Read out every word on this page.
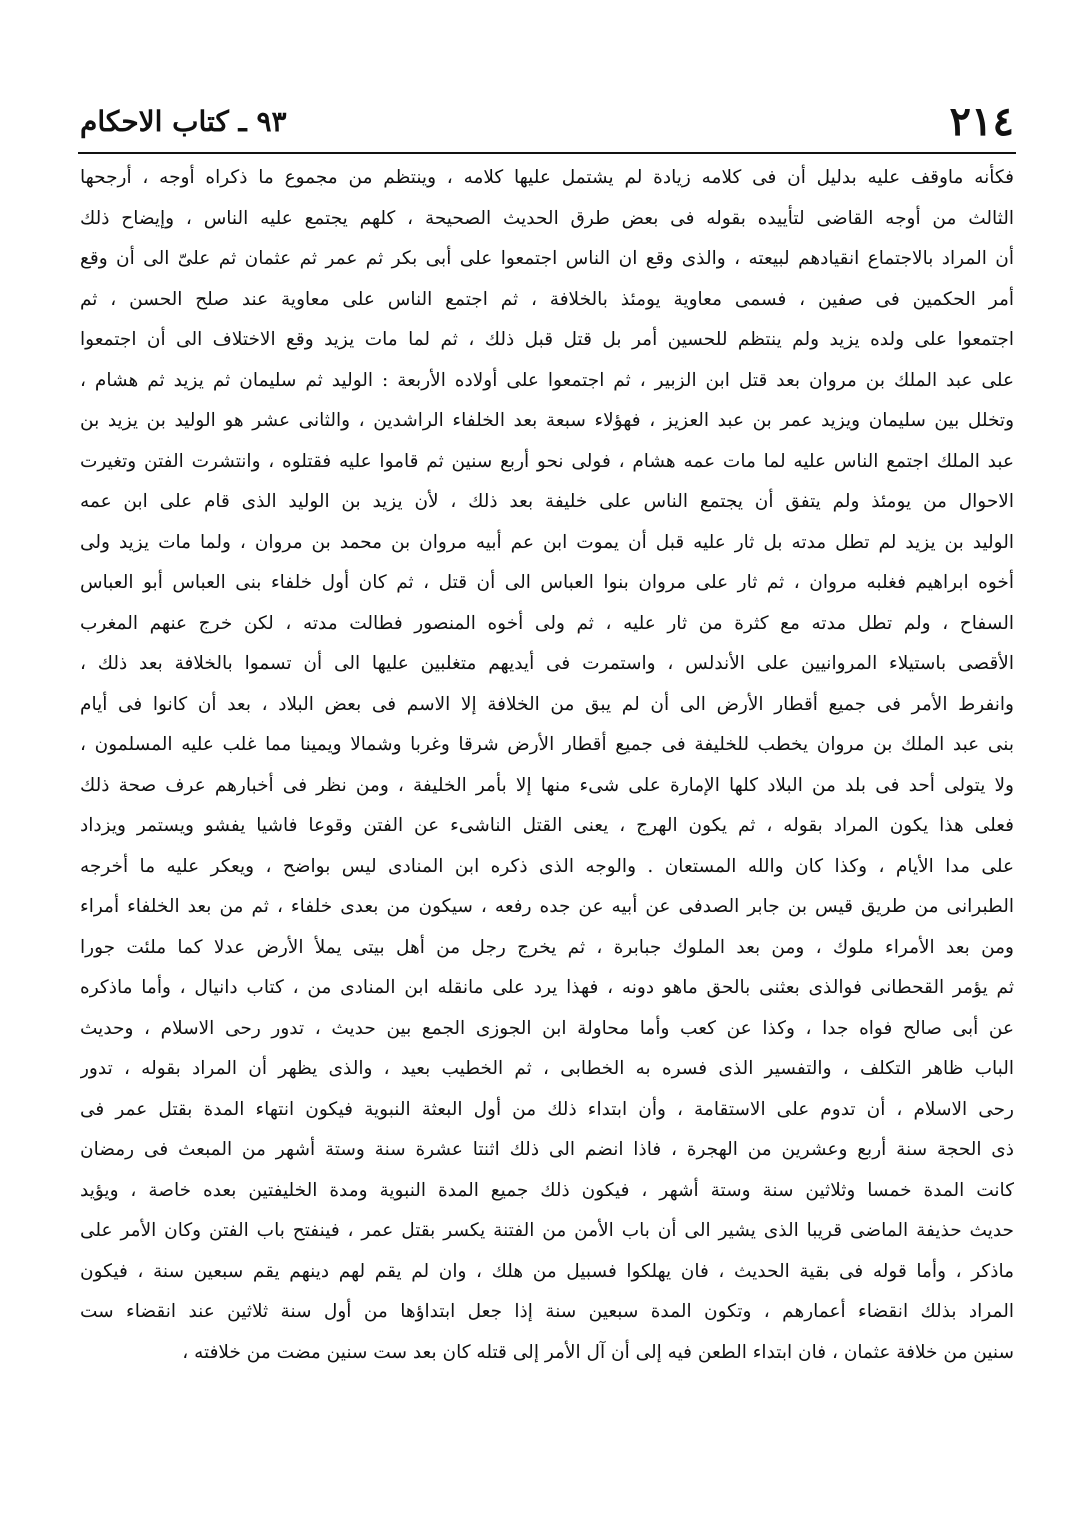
٢١٤
٩٣ ـ كتاب الاحكام
فكأنه ماوقف عليه بدليل أن فى كلامه زيادة لم يشتمل عليها كلامه ، وينتظم من مجموع ما ذكراه أوجه ، أرجحها
الثالث من أوجه القاضى لتأييده بقوله فى بعض طرق الحديث الصحيحة ، كلهم يجتمع عليه الناس ، وإيضاح ذلك
أن المراد بالاجتماع انقيادهم لبيعته ، والذى وقع ان الناس اجتمعوا على أبى بكر ثم عمر ثم عثمان ثم علىّ الى أن وقع
أمر الحكمين فى صفين ، فسمى معاوية يومئذ بالخلافة ، ثم اجتمع الناس على معاوية عند صلح الحسن ، ثم
اجتمعوا على ولده يزيد ولم ينتظم للحسين أمر بل قتل قبل ذلك ، ثم لما مات يزيد وقع الاختلاف الى أن اجتمعوا
على عبد الملك بن مروان بعد قتل ابن الزبير ، ثم اجتمعوا على أولاده الأربعة : الوليد ثم سليمان ثم يزيد ثم هشام ،
وتخلل بين سليمان ويزيد عمر بن عبد العزيز ، فهؤلاء سبعة بعد الخلفاء الراشدين ، والثانى عشر هو الوليد بن يزيد بن
عبد الملك اجتمع الناس عليه لما مات عمه هشام ، فولى نحو أربع سنين ثم قاموا عليه فقتلوه ، وانتشرت الفتن وتغيرت
الاحوال من يومئذ ولم يتفق أن يجتمع الناس على خليفة بعد ذلك ، لأن يزيد بن الوليد الذى قام على ابن عمه
الوليد بن يزيد لم تطل مدته بل ثار عليه قبل أن يموت ابن عم أبيه مروان بن محمد بن مروان ، ولما مات يزيد ولى
أخوه ابراهيم فغلبه مروان ، ثم ثار على مروان بنوا العباس الى أن قتل ، ثم كان أول خلفاء بنى العباس أبو العباس
السفاح ، ولم تطل مدته مع كثرة من ثار عليه ، ثم ولى أخوه المنصور فطالت مدته ، لكن خرج عنهم المغرب
الأقصى باستيلاء المروانيين على الأندلس ، واستمرت فى أيديهم متغلبين عليها الى أن تسموا بالخلافة بعد ذلك ،
وانفرط الأمر فى جميع أقطار الأرض الى أن لم يبق من الخلافة إلا الاسم فى بعض البلاد ، بعد أن كانوا فى أيام
بنى عبد الملك بن مروان يخطب للخليفة فى جميع أقطار الأرض شرقا وغربا وشمالا ويمينا مما غلب عليه المسلمون ،
ولا يتولى أحد فى بلد من البلاد كلها الإمارة على شىء منها إلا بأمر الخليفة ، ومن نظر فى أخبارهم عرف صحة ذلك
فعلى هذا يكون المراد بقوله ، ثم يكون الهرج ، يعنى القتل الناشىء عن الفتن وقوعا فاشيا يفشو ويستمر ويزداد
على مدا الأيام ، وكذا كان والله المستعان . والوجه الذى ذكره ابن المنادى ليس بواضح ، ويعكر عليه ما أخرجه
الطبرانى من طريق قيس بن جابر الصدفى عن أبيه عن جده رفعه ، سيكون من بعدى خلفاء ، ثم من بعد الخلفاء أمراء
ومن بعد الأمراء ملوك ، ومن بعد الملوك جبابرة ، ثم يخرج رجل من أهل بيتى يملأ الأرض عدلا كما ملئت جورا
ثم يؤمر القحطانى فوالذى بعثنى بالحق ماهو دونه ، فهذا يرد على مانقله ابن المنادى من ، كتاب دانيال ، وأما ماذكره
عن أبى صالح فواه جدا ، وكذا عن كعب وأما محاولة ابن الجوزى الجمع بين حديث ، تدور رحى الاسلام ، وحديث
الباب ظاهر التكلف ، والتفسير الذى فسره به الخطابى ، ثم الخطيب بعيد ، والذى يظهر أن المراد بقوله ، تدور
رحى الاسلام ، أن تدوم على الاستقامة ، وأن ابتداء ذلك من أول البعثة النبوية فيكون انتهاء المدة بقتل عمر فى
ذى الحجة سنة أربع وعشرين من الهجرة ، فاذا انضم الى ذلك اثنتا عشرة سنة وستة أشهر من المبعث فى رمضان
كانت المدة خمسا وثلاثين سنة وستة أشهر ، فيكون ذلك جميع المدة النبوية ومدة الخليفتين بعده خاصة ، ويؤيد
حديث حذيفة الماضى قريبا الذى يشير الى أن باب الأمن من الفتنة يكسر بقتل عمر ، فينفتح باب الفتن وكان الأمر على
ماذكر ، وأما قوله فى بقية الحديث ، فان يهلكوا فسبيل من هلك ، وان لم يقم لهم دينهم يقم سبعين سنة ، فيكون
المراد بذلك انقضاء أعمارهم ، وتكون المدة سبعين سنة إذا جعل ابتداؤها من أول سنة ثلاثين عند انقضاء ست
سنين من خلافة عثمان ، فان ابتداء الطعن فيه إلى أن آل الأمر إلى قتله كان بعد ست سنين مضت من خلافته ،
